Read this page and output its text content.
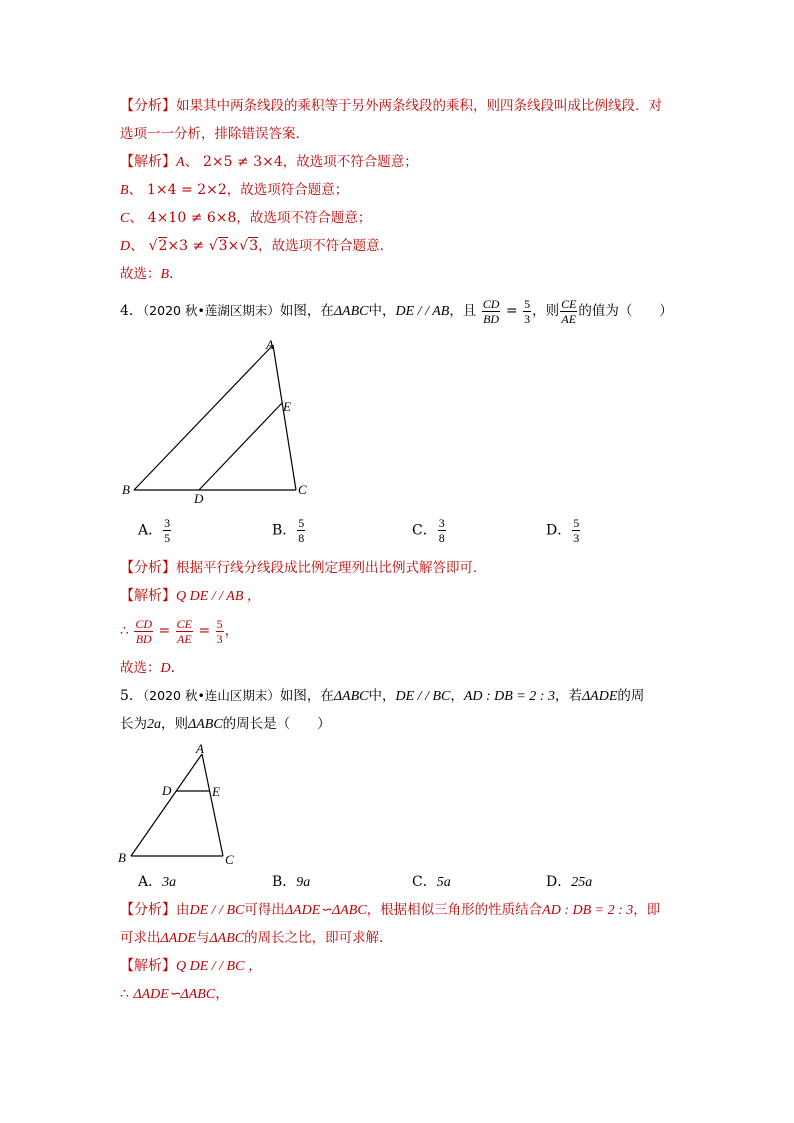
【分析】如果其中两条线段的乘积等于另外两条线段的乘积，则四条线段叫成比例线段．对
选项一一分析，排除错误答案．
【解析】A、 2×5 ≠ 3×4，故选项不符合题意；
B、 1×4 = 2×2，故选项符合题意；
C、 4×10 ≠ 6×8，故选项不符合题意；
D、 √2×3 ≠ √3×√3，故选项不符合题意．
故选：B．
4．（2020 秋•莲湖区期末）如图，在ΔABC中，DE / / AB，且 $\frac{CD}{BD} = \frac{5}{3}$ ，则 $\frac{CE}{AE}$ 的值为（　　）
A
B	C
D
E
A． $\frac{3}{5}$	B． $\frac{5}{8}$	C． $\frac{3}{8}$	D． $\frac{5}{3}$
【分析】根据平行线分线段成比例定理列出比例式解答即可．
【解析】Q DE / / AB ，
∴ $\frac{CD}{BD} = \frac{CE}{AE} = \frac{5}{3}$ ，
故选：D．
5．（2020 秋•连山区期末）如图，在ΔABC中，DE / / BC，AD : DB = 2 : 3，若ΔADE的周
长为2a，则ΔABC的周长是（　　）
A
B	C
D	E
A．3a	B．9a	C．5a	D．25a
【分析】由DE / / BC可得出ΔADE∽ΔABC，根据相似三角形的性质结合AD : DB = 2 : 3，即
可求出ΔADE与ΔABC的周长之比，即可求解．
【解析】Q DE / / BC ，
∴ ΔADE∽ΔABC，
